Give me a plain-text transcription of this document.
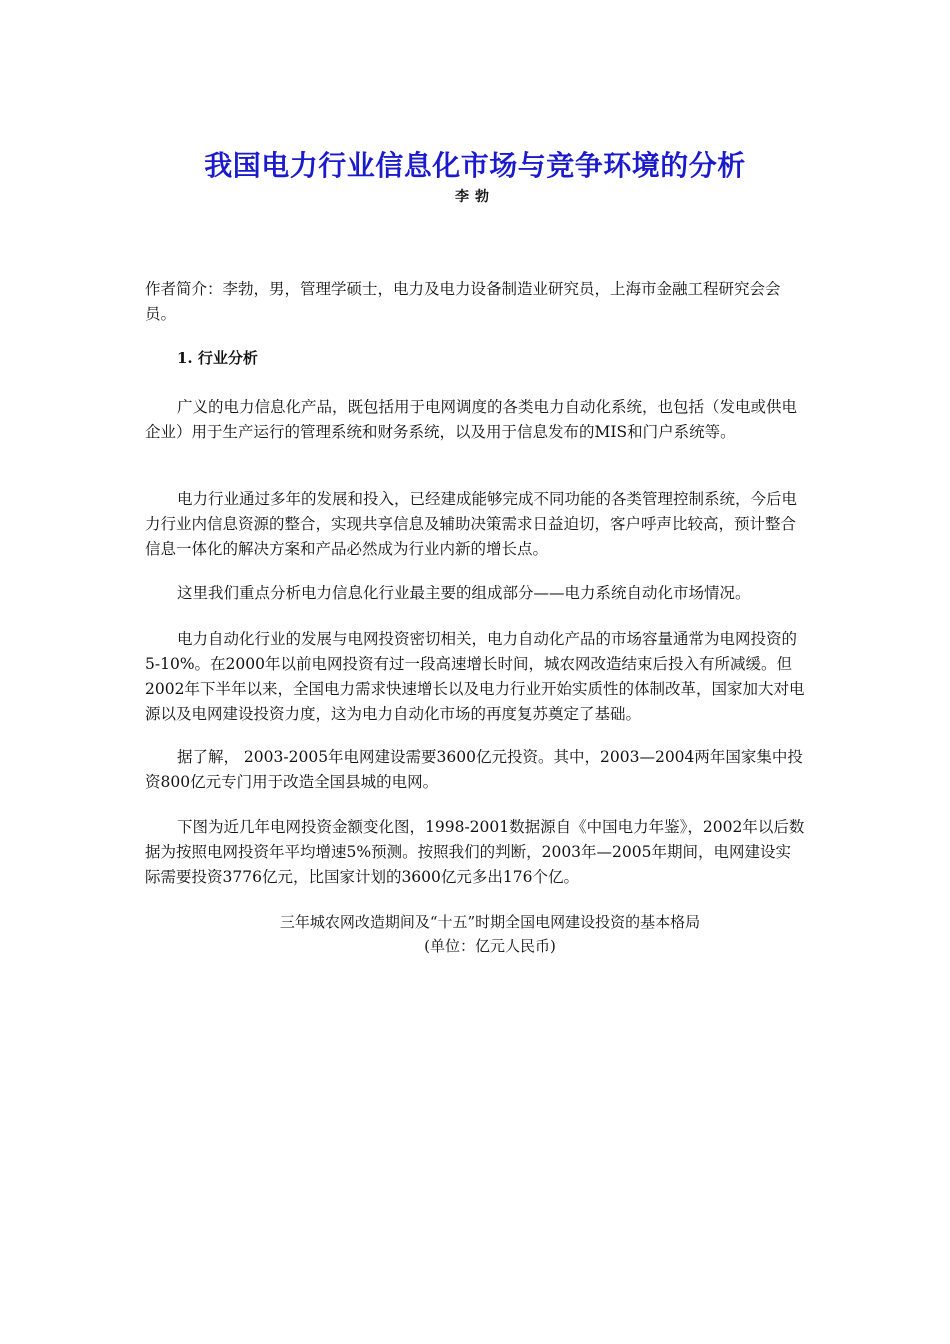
我国电力行业信息化市场与竞争环境的分析
李勃
作者简介：李勃，男，管理学硕士，电力及电力设备制造业研究员，上海市金融工程研究会会员。
1. 行业分析

广义的电力信息化产品，既包括用于电网调度的各类电力自动化系统，也包括（发电或供电企业）用于生产运行的管理系统和财务系统，以及用于信息发布的MIS和门户系统等。

电力行业通过多年的发展和投入，已经建成能够完成不同功能的各类管理控制系统，今后电力行业内信息资源的整合，实现共享信息及辅助决策需求日益迫切，客户呼声比较高，预计整合信息一体化的解决方案和产品必然成为行业内新的增长点。

这里我们重点分析电力信息化行业最主要的组成部分——电力系统自动化市场情况。

电力自动化行业的发展与电网投资密切相关，电力自动化产品的市场容量通常为电网投资的5-10%。在2000年以前电网投资有过一段高速增长时间，城农网改造结束后投入有所减缓。但2002年下半年以来，全国电力需求快速增长以及电力行业开始实质性的体制改革，国家加大对电源以及电网建设投资力度，这为电力自动化市场的再度复苏奠定了基础。

据了解， 2003-2005年电网建设需要3600亿元投资。其中，2003—2004两年国家集中投资800亿元专门用于改造全国县城的电网。

下图为近几年电网投资金额变化图，1998-2001数据源自《中国电力年鉴》，2002年以后数据为按照电网投资年平均增速5%预测。按照我们的判断，2003年—2005年期间，电网建设实际需要投资3776亿元，比国家计划的3600亿元多出176个亿。

三年城农网改造期间及“十五”时期全国电网建设投资的基本格局
(单位：亿元人民币)
